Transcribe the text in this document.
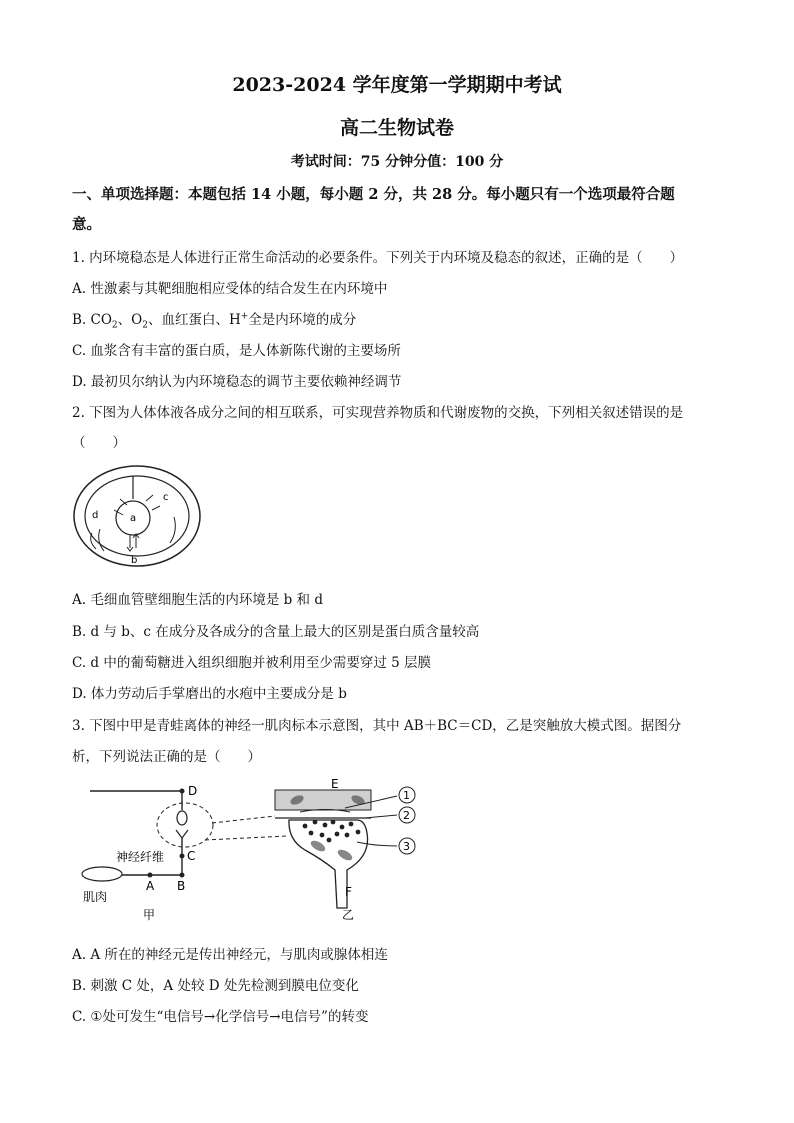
2023-2024 学年度第一学期期中考试
高二生物试卷
考试时间：75 分钟分值：100 分
一、单项选择题：本题包括 14 小题，每小题 2 分，共 28 分。每小题只有一个选项最符合题
意。
1. 内环境稳态是人体进行正常生命活动的必要条件。下列关于内环境及稳态的叙述，正确的是（　　）
A. 性激素与其靶细胞相应受体的结合发生在内环境中
B. $CO_2$、$O_2$、血红蛋白、H+全是内环境的成分
C. 血浆含有丰富的蛋白质，是人体新陈代谢的主要场所
D. 最初贝尔纳认为内环境稳态的调节主要依赖神经调节
2. 下图为人体体液各成分之间的相互联系，可实现营养物质和代谢废物的交换，下列相关叙述错误的是
（　　）
a
b
c
d
A. 毛细血管壁细胞生活的内环境是 b 和 d
B. d 与 b、c 在成分及各成分的含量上最大的区别是蛋白质含量较高
C. d 中的葡萄糖进入组织细胞并被利用至少需要穿过 5 层膜
D. 体力劳动后手掌磨出的水疱中主要成分是 b
3. 下图中甲是青蛙离体的神经一肌肉标本示意图，其中 AB＋BC＝CD，乙是突触放大模式图。据图分
析，下列说法正确的是（　　）
D
C
神经纤维
A B
肌肉
甲
E
F
乙
1
2
3
A. A 所在的神经元是传出神经元，与肌肉或腺体相连
B. 刺激 C 处，A 处较 D 处先检测到膜电位变化
C. ①处可发生“电信号→化学信号→电信号”的转变
